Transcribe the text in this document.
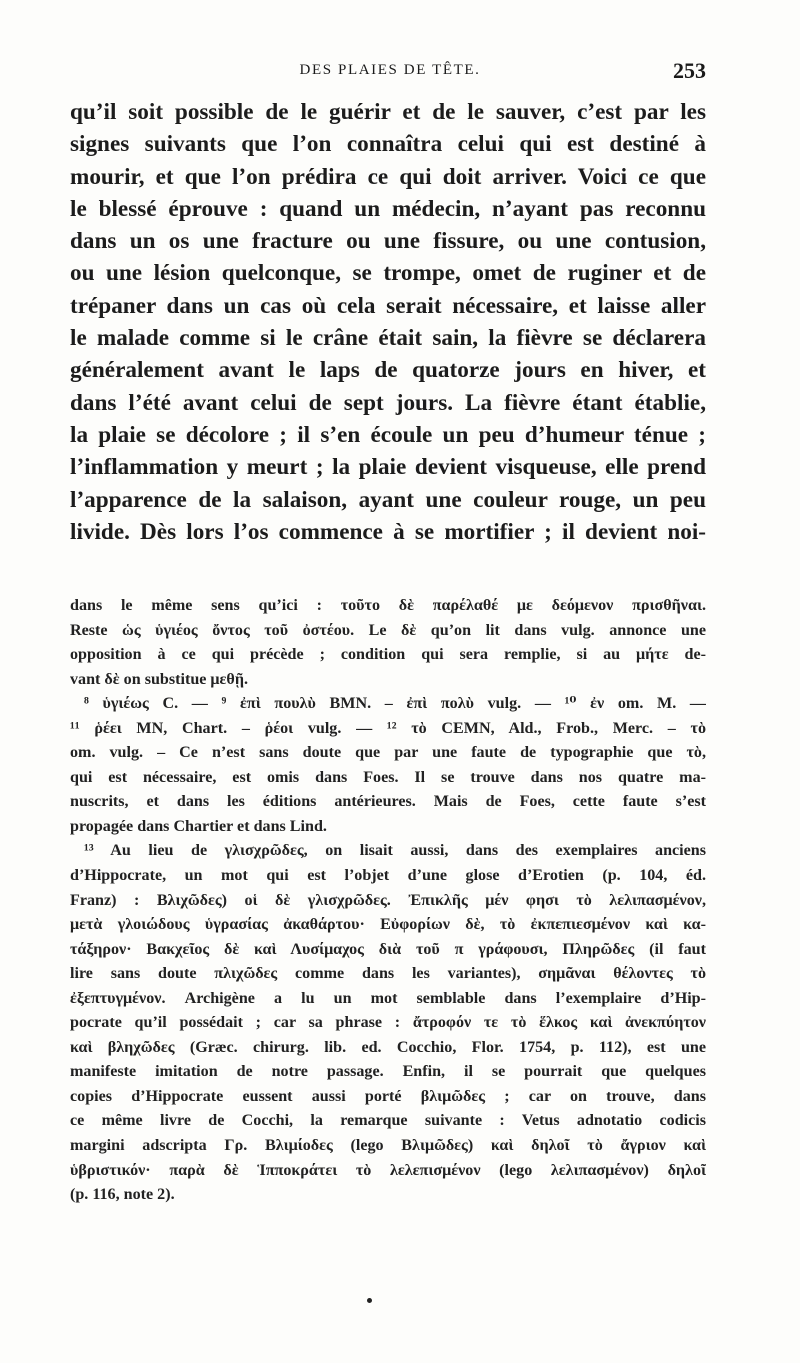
DES PLAIES DE TÊTE.	253
qu’il soit possible de le guérir et de le sauver, c’est par les
signes suivants que l’on connaîtra celui qui est destiné à
mourir, et que l’on prédira ce qui doit arriver. Voici ce que
le blessé éprouve : quand un médecin, n’ayant pas reconnu
dans un os une fracture ou une fissure, ou une contusion,
ou une lésion quelconque, se trompe, omet de ruginer et de
trépaner dans un cas où cela serait nécessaire, et laisse aller
le malade comme si le crâne était sain, la fièvre se déclarera
généralement avant le laps de quatorze jours en hiver, et
dans l’été avant celui de sept jours. La fièvre étant établie,
la plaie se décolore ; il s’en écoule un peu d’humeur ténue ;
l’inflammation y meurt ; la plaie devient visqueuse, elle prend
l’apparence de la salaison, ayant une couleur rouge, un peu
livide. Dès lors l’os commence à se mortifier ; il devient noi-
dans le même sens qu’ici : τοῦτο δὲ παρέλαθέ με δεόμενον πρισθῆναι.
Reste ὡς ὑγιέος ὄντος τοῦ ὀστέου. Le δὲ qu’on lit dans vulg. annonce une
opposition à ce qui précède ; condition qui sera remplie, si au μήτε de-
vant δὲ on substitue μεθῇ.
⁸ ὑγιέως C. — ⁹ ἐπὶ πουλὺ BMN. – ἐπὶ πολὺ vulg. — ¹⁰ ἐν om. M. —
¹¹ ῥέει MN, Chart. – ῥέοι vulg. — ¹² τὸ CEMN, Ald., Frob., Merc. – τὸ
om. vulg. – Ce n’est sans doute que par une faute de typographie que τὸ,
qui est nécessaire, est omis dans Foes. Il se trouve dans nos quatre ma-
nuscrits, et dans les éditions antérieures. Mais de Foes, cette faute s’est
propagée dans Chartier et dans Lind.
¹³ Au lieu de γλισχρῶδες, on lisait aussi, dans des exemplaires anciens
d’Hippocrate, un mot qui est l’objet d’une glose d’Erotien (p. 104, éd.
Franz) : Βλιχῶδες) οἱ δὲ γλισχρῶδες. Ἐπικλῆς μέν φησι τὸ λελιπασμένον,
μετὰ γλοιώδους ὑγρασίας ἀκαθάρτου· Εὐφορίων δὲ, τὸ ἐκπεπιεσμένον καὶ κα-
τάξηρον· Βακχεῖος δὲ καὶ Λυσίμαχος διὰ τοῦ π γράφουσι, Πληρῶδες (il faut
lire sans doute πλιχῶδες comme dans les variantes), σημᾶναι θέλοντες τὸ
ἐξεπτυγμένον. Archigène a lu un mot semblable dans l’exemplaire d’Hip-
pocrate qu’il possédait ; car sa phrase : ἄτροφόν τε τὸ ἕλκος καὶ ἀνεκπύητον
καὶ βληχῶδες (Græc. chirurg. lib. ed. Cocchio, Flor. 1754, p. 112), est une
manifeste imitation de notre passage. Enfin, il se pourrait que quelques
copies d’Hippocrate eussent aussi porté βλιμῶδες ; car on trouve, dans
ce même livre de Cocchi, la remarque suivante : Vetus adnotatio codicis
margini adscripta Γρ. Βλιμίοδες (lego Βλιμῶδες) καὶ δηλοῖ τὸ ἄγριον καὶ
ὑβριστικόν· παρὰ δὲ Ἱπποκράτει τὸ λελεπισμένον (lego λελιπασμένον) δηλοῖ
(p. 116, note 2).
